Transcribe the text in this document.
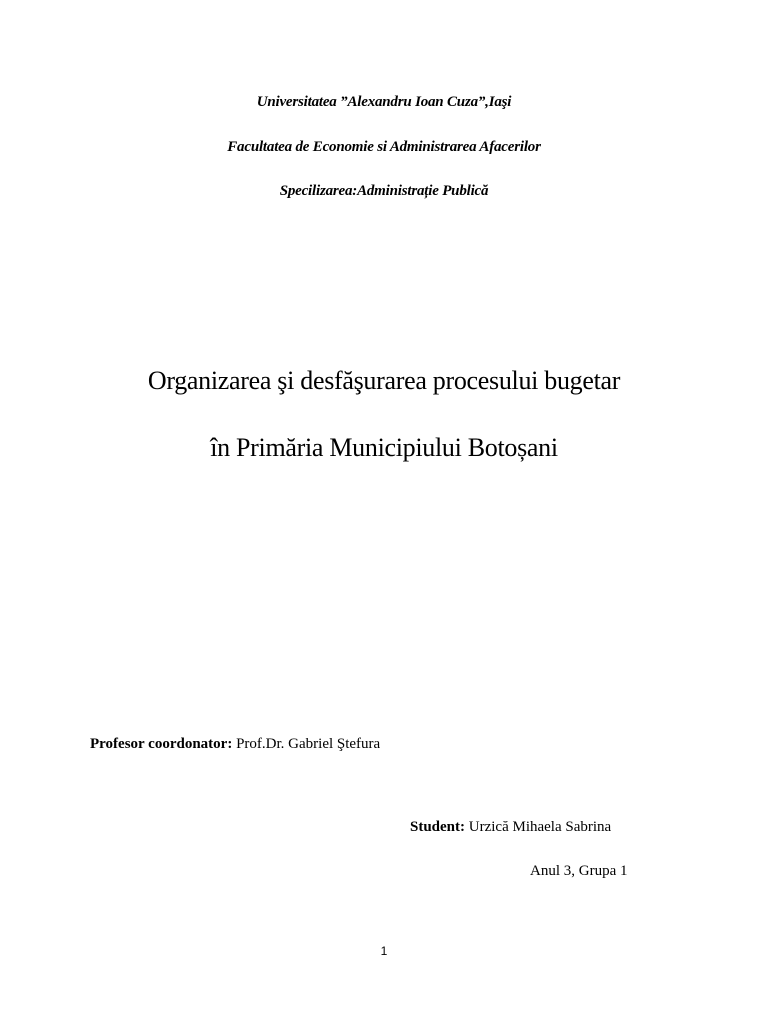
Universitatea ”Alexandru Ioan Cuza”,Iaşi
Facultatea de Economie si Administrarea Afacerilor
Specilizarea:Administrație Publică
Organizarea şi desfăşurarea procesului bugetar
în Primăria Municipiului Botoșani
Profesor coordonator: Prof.Dr. Gabriel Ştefura
Student: Urzică Mihaela Sabrina
Anul 3, Grupa 1
1
